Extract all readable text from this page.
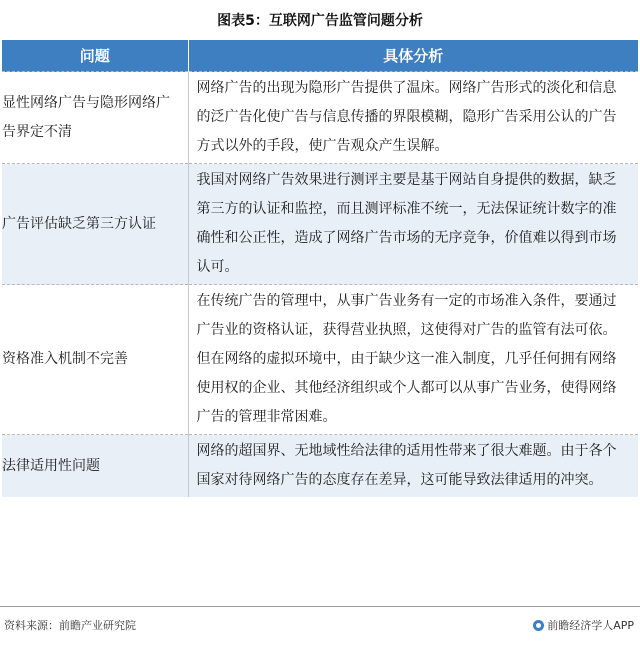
图表5：互联网广告监管问题分析
问题	具体分析
显性网络广告与隐形网络广告界定不清	网络广告的出现为隐形广告提供了温床。网络广告形式的淡化和信息的泛广告化使广告与信息传播的界限模糊，隐形广告采用公认的广告方式以外的手段，使广告观众产生误解。
广告评估缺乏第三方认证	我国对网络广告效果进行测评主要是基于网站自身提供的数据，缺乏第三方的认证和监控，而且测评标准不统一，无法保证统计数字的准确性和公正性，造成了网络广告市场的无序竞争，价值难以得到市场认可。
资格准入机制不完善	在传统广告的管理中，从事广告业务有一定的市场准入条件，要通过广告业的资格认证，获得营业执照，这使得对广告的监管有法可依。但在网络的虚拟环境中，由于缺少这一准入制度，几乎任何拥有网络使用权的企业、其他经济组织或个人都可以从事广告业务，使得网络广告的管理非常困难。
法律适用性问题	网络的超国界、无地域性给法律的适用性带来了很大难题。由于各个国家对待网络广告的态度存在差异，这可能导致法律适用的冲突。
资料来源：前瞻产业研究院	前瞻经济学人APP
